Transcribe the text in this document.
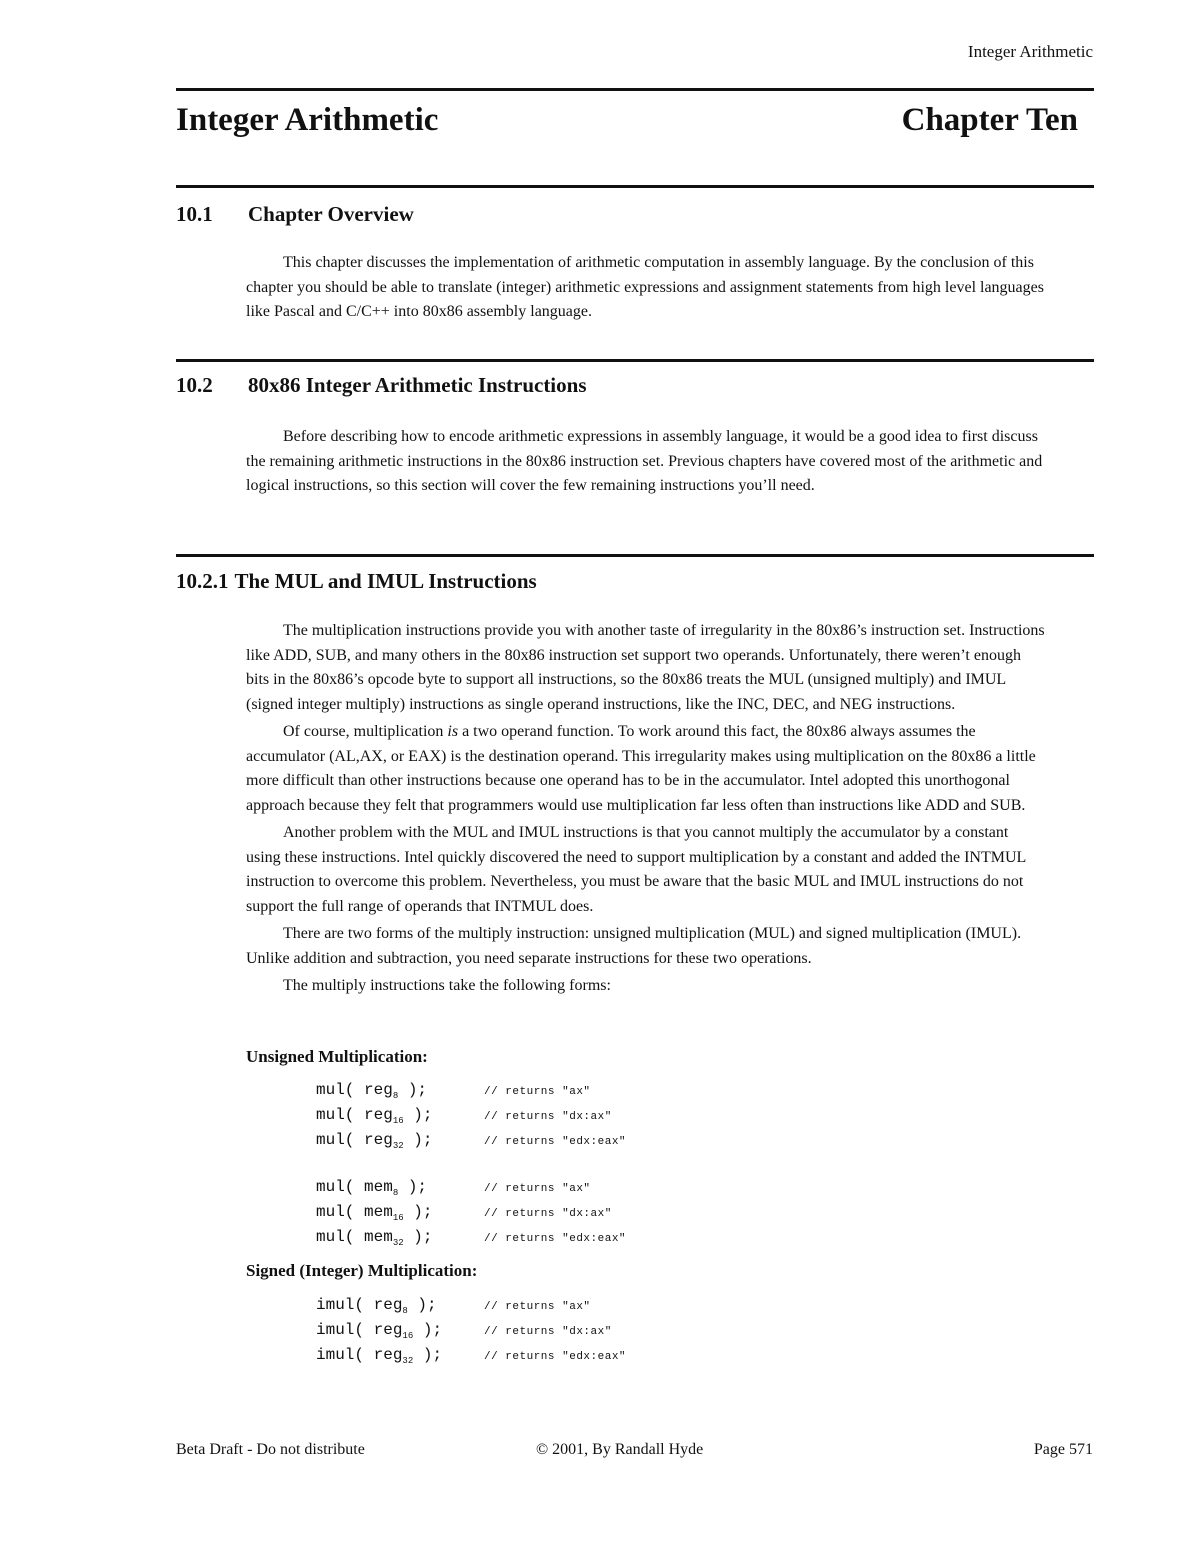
Integer Arithmetic
Integer Arithmetic	Chapter Ten
10.1 Chapter Overview

This chapter discusses the implementation of arithmetic computation in assembly language. By the conclusion of this chapter you should be able to translate (integer) arithmetic expressions and assignment statements from high level languages like Pascal and C/C++ into 80x86 assembly language.

10.2 80x86 Integer Arithmetic Instructions

Before describing how to encode arithmetic expressions in assembly language, it would be a good idea to first discuss the remaining arithmetic instructions in the 80x86 instruction set. Previous chapters have covered most of the arithmetic and logical instructions, so this section will cover the few remaining instructions you’ll need.

10.2.1 The MUL and IMUL Instructions

The multiplication instructions provide you with another taste of irregularity in the 80x86’s instruction set. Instructions like ADD, SUB, and many others in the 80x86 instruction set support two operands. Unfortunately, there weren’t enough bits in the 80x86’s opcode byte to support all instructions, so the 80x86 treats the MUL (unsigned multiply) and IMUL (signed integer multiply) instructions as single operand instructions, like the INC, DEC, and NEG instructions.

Of course, multiplication is a two operand function. To work around this fact, the 80x86 always assumes the accumulator (AL,AX, or EAX) is the destination operand. This irregularity makes using multiplication on the 80x86 a little more difficult than other instructions because one operand has to be in the accumulator. Intel adopted this unorthogonal approach because they felt that programmers would use multiplication far less often than instructions like ADD and SUB.

Another problem with the MUL and IMUL instructions is that you cannot multiply the accumulator by a constant using these instructions. Intel quickly discovered the need to support multiplication by a constant and added the INTMUL instruction to overcome this problem. Nevertheless, you must be aware that the basic MUL and IMUL instructions do not support the full range of operands that INTMUL does.

There are two forms of the multiply instruction: unsigned multiplication (MUL) and signed multiplication (IMUL). Unlike addition and subtraction, you need separate instructions for these two operations.

The multiply instructions take the following forms:

Unsigned Multiplication:
mul( reg$_8$ );	// returns "ax"
mul( reg$_{16}$ );	// returns "dx:ax"
mul( reg$_{32}$ );	// returns "edx:eax"
mul( mem$_8$ );	// returns "ax"
mul( mem$_{16}$ );	// returns "dx:ax"
mul( mem$_{32}$ );	// returns "edx:eax"
Signed (Integer) Multiplication:
imul( reg$_8$ );	// returns "ax"
imul( reg$_{16}$ );	// returns "dx:ax"
imul( reg$_{32}$ );	// returns "edx:eax"
Beta Draft - Do not distribute	© 2001, By Randall Hyde	Page 571
